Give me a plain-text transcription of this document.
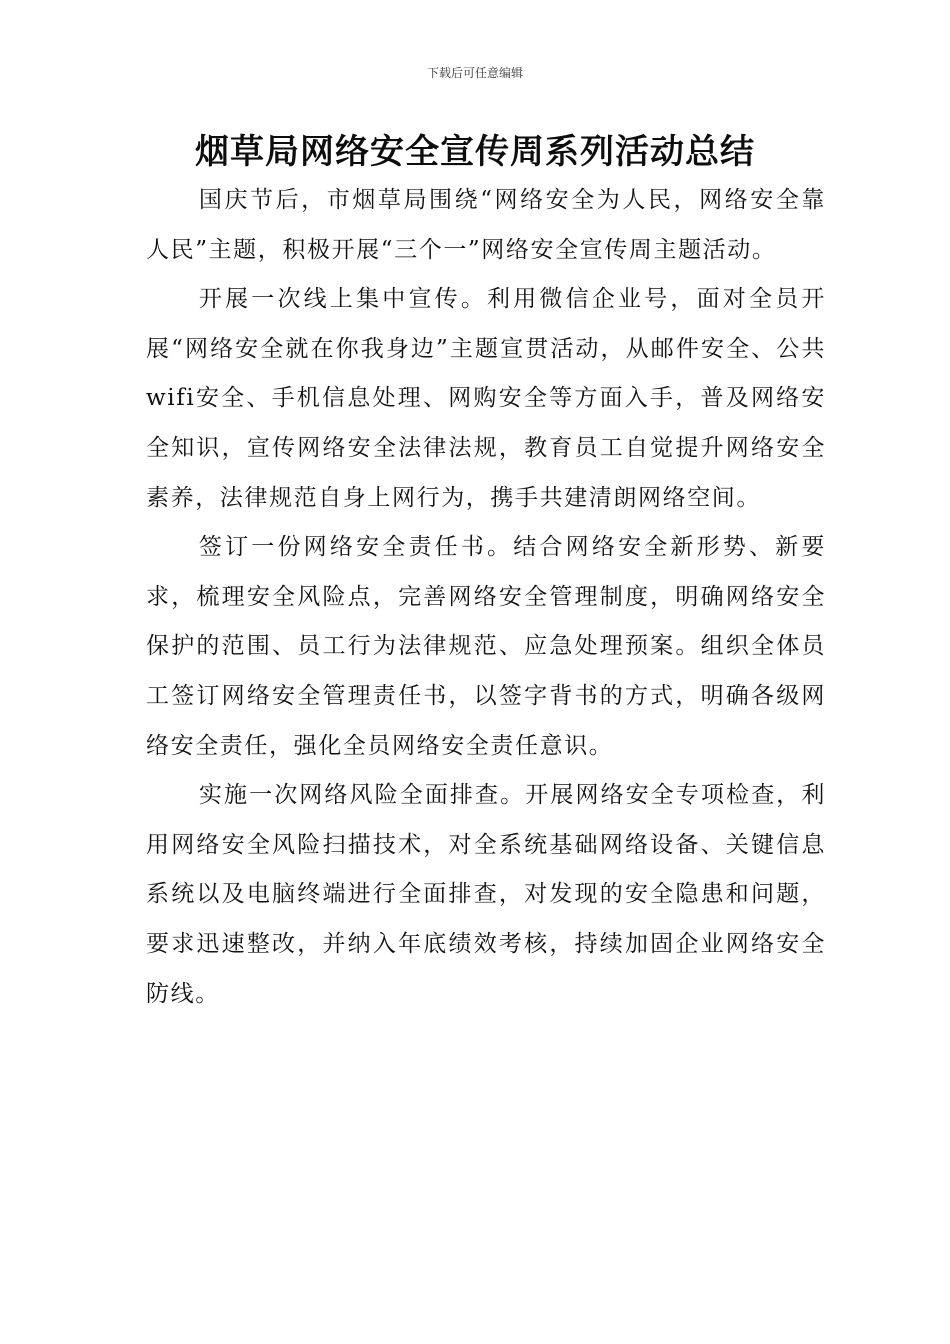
下载后可任意编辑
烟草局网络安全宣传周系列活动总结

国庆节后，市烟草局围绕“网络安全为人民，网络安全靠人民”主题，积极开展“三个一”网络安全宣传周主题活动。

开展一次线上集中宣传。利用微信企业号，面对全员开展“网络安全就在你我身边”主题宣贯活动，从邮件安全、公共wifi安全、手机信息处理、网购安全等方面入手，普及网络安全知识，宣传网络安全法律法规，教育员工自觉提升网络安全素养，法律规范自身上网行为，携手共建清朗网络空间。

签订一份网络安全责任书。结合网络安全新形势、新要求，梳理安全风险点，完善网络安全管理制度，明确网络安全保护的范围、员工行为法律规范、应急处理预案。组织全体员工签订网络安全管理责任书，以签字背书的方式，明确各级网络安全责任，强化全员网络安全责任意识。

实施一次网络风险全面排查。开展网络安全专项检查，利用网络安全风险扫描技术，对全系统基础网络设备、关键信息系统以及电脑终端进行全面排查，对发现的安全隐患和问题，要求迅速整改，并纳入年底绩效考核，持续加固企业网络安全防线。
